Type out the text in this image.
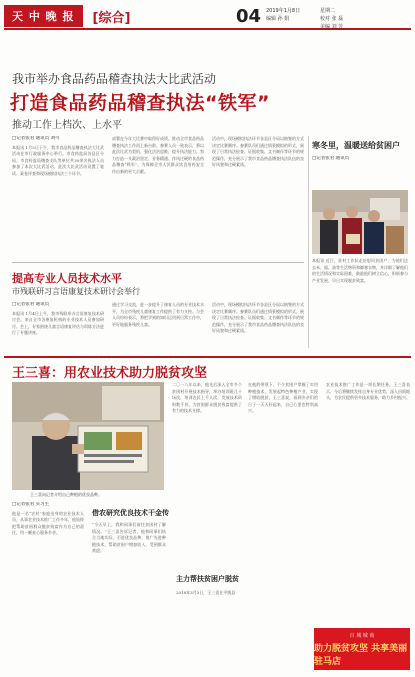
天 中 晚 报	[综合]	04 2019年1月8日
编辑 孙 娟
星期二
校对 张 磊
美编 刘 芳
我市举办食品药品稽查执法大比武活动
打造食品药品稽查执法“铁军”
推动工作上档次、上水平
□记者张君 通讯员 刘可
本报讯 1月5日下午，我市食品药品稽查执法大比武活动在市行政服务中心举行。市食药监局各县区分局、市食药监局稽查支队等单位共30余名执法人员参加了本次大比武活动，此次大比武活动设置了笔试、案卷评查和现场模拟执法三个环节。
部署在今年大比赛中取得好成绩。推动全市食品药品稽查执法工作再上新台阶。参赛人员一致表示，将以此次比武为契机，强化法治思维，提升执法能力，努力打造一支政治坚定、业务精通、作风过硬的食品药品稽查“铁军”，为保障全市人民群众饮食用药安全作出新的更大贡献。
活动中，现场模拟执法环节各县区分局以抽签的方式决定比赛顺序。参赛队员们通过情景模拟的形式，展现了日常执法检查、证据收集、文书制作等环节的规范操作，充分展示了我市食品药品稽查执法队伍的良好风貌和过硬素质。
寒冬里，温暖送给贫困户
□记者张君 通讯员
本报讯 近日，驻村工作队走访慰问贫困户，为他们送去米、面、油等生活物资和御寒衣物，并详细了解他们的生活情况和实际困难，鼓励他们树立信心，积极参与产业发展，早日实现脱贫致富。
提高专业人员技术水平
市残联研习言语康复技术研讨会举行
□记者张君 通讯员
本报讯 1月4日上午，我市残联举办言语康复技术研讨会。来自全市各康复机构的专业技术人员参加研讨。会上，专家围绕儿童言语康复评估与训练方法进行了专题讲座。
通过学习交流，进一步提升了康复人员的专业技术水平，为全市残疾儿童康复工作提供了有力支持。与会人员纷纷表示，将把学到的知识运用到日常工作中，更好地服务残疾儿童。
活动中，现场模拟执法环节各县区分局以抽签的方式决定比赛顺序。参赛队员们通过情景模拟的形式，展现了日常执法检查、证据收集、文书制作等环节的规范操作，充分展示了我市食品药品稽查执法队伍的良好风貌和过硬素质。
王三喜：用农业技术助力脱贫攻坚
王三喜向记者介绍自己种植的优良品种。
□记者张君 实习生
他是一名“农村”家庭出身的农业技术人员，从事农业技术推广工作多年，他始终把帮助贫困群众脱贫致富作为自己的责任，用一颗真心服务乡亲。
借农研究优良技术干金传
“今天早上，我和同事们前往贫困村了解情况。”王三喜告诉记者，他和同事们结合当地实际，引进优良品种，推广先进种植技术，帮助贫困户增加收入，受到群众欢迎。
二〇一八年以来，他先后深入全市多个贫困村开展技术指导，举办培训班几十场次，培训农民上千人次，发放技术资料数千份，为贫困群众脱贫致富提供了有力的技术支撑。
在他的带领下，不少贫困户掌握了实用种植技术，发展起特色种植产业，实现了增收脱贫。王三喜说，看到乡亲们的日子一天天好起来，自己心里也特别高兴。
农业技术推广工作是一项长期任务，王三喜表示，今后将继续发挥自身专业优势，深入田间地头，为农民提供更多技术服务，助力乡村振兴。
主力帮扶贫困户脱贫
2018年3月3日，王三喜在平舆县
百 城 城 商
助力脱贫攻坚 共享美丽驻马店
